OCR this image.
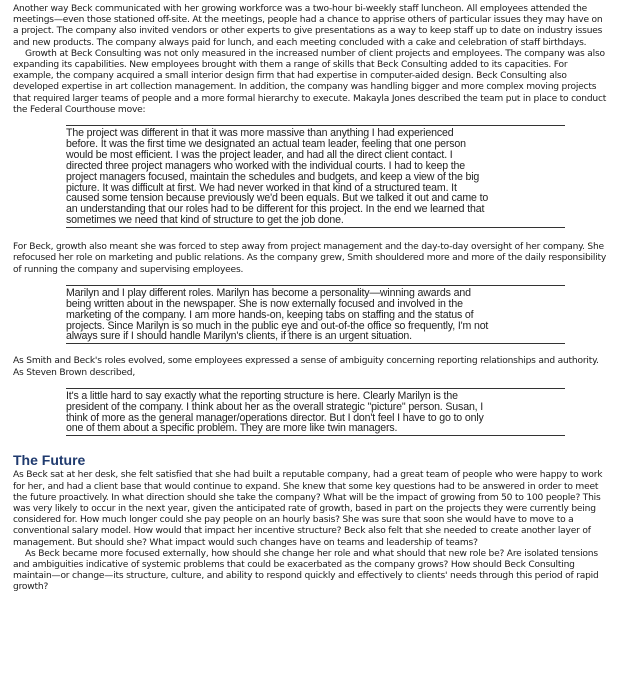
Another way Beck communicated with her growing workforce was a two-hour bi-weekly staff luncheon. All employees attended the meetings—even those stationed off-site. At the meetings, people had a chance to apprise others of particular issues they may have on a project. The company also invited vendors or other experts to give presentations as a way to keep staff up to date on industry issues and new products. The company always paid for lunch, and each meeting concluded with a cake and celebration of staff birthdays.

Growth at Beck Consulting was not only measured in the increased number of client projects and employees. The company was also expanding its capabilities. New employees brought with them a range of skills that Beck Consulting added to its capacities. For example, the company acquired a small interior design firm that had expertise in computer-aided design. Beck Consulting also developed expertise in art collection management. In addition, the company was handling bigger and more complex moving projects that required larger teams of people and a more formal hierarchy to execute. Makayla Jones described the team put in place to conduct the Federal Courthouse move:

The project was different in that it was more massive than anything I had experienced
before. It was the first time we designated an actual team leader, feeling that one person
would be most efficient. I was the project leader, and had all the direct client contact. I
directed three project managers who worked with the individual courts. I had to keep the
project managers focused, maintain the schedules and budgets, and keep a view of the big
picture. It was difficult at first. We had never worked in that kind of a structured team. It
caused some tension because previously we'd been equals. But we talked it out and came to
an understanding that our roles had to be different for this project. In the end we learned that
sometimes we need that kind of structure to get the job done.

For Beck, growth also meant she was forced to step away from project management and the day-to-day oversight of her company. She refocused her role on marketing and public relations. As the company grew, Smith shouldered more and more of the daily responsibility of running the company and supervising employees.

Marilyn and I play different roles. Marilyn has become a personality—winning awards and
being written about in the newspaper. She is now externally focused and involved in the
marketing of the company. I am more hands-on, keeping tabs on staffing and the status of
projects. Since Marilyn is so much in the public eye and out-of-the office so frequently, I'm not
always sure if I should handle Marilyn's clients, if there is an urgent situation.

As Smith and Beck's roles evolved, some employees expressed a sense of ambiguity concerning reporting relationships and authority. As Steven Brown described,

It's a little hard to say exactly what the reporting structure is here. Clearly Marilyn is the
president of the company. I think about her as the overall strategic "picture" person. Susan, I
think of more as the general manager/operations director. But I don't feel I have to go to only
one of them about a specific problem. They are more like twin managers.
The Future

As Beck sat at her desk, she felt satisfied that she had built a reputable company, had a great team of people who were happy to work for her, and had a client base that would continue to expand. She knew that some key questions had to be answered in order to meet the future proactively. In what direction should she take the company? What will be the impact of growing from 50 to 100 people? This was very likely to occur in the next year, given the anticipated rate of growth, based in part on the projects they were currently being considered for. How much longer could she pay people on an hourly basis? She was sure that soon she would have to move to a conventional salary model. How would that impact her incentive structure? Beck also felt that she needed to create another layer of management. But should she? What impact would such changes have on teams and leadership of teams?

As Beck became more focused externally, how should she change her role and what should that new role be? Are isolated tensions and ambiguities indicative of systemic problems that could be exacerbated as the company grows? How should Beck Consulting maintain—or change—its structure, culture, and ability to respond quickly and effectively to clients' needs through this period of rapid growth?
